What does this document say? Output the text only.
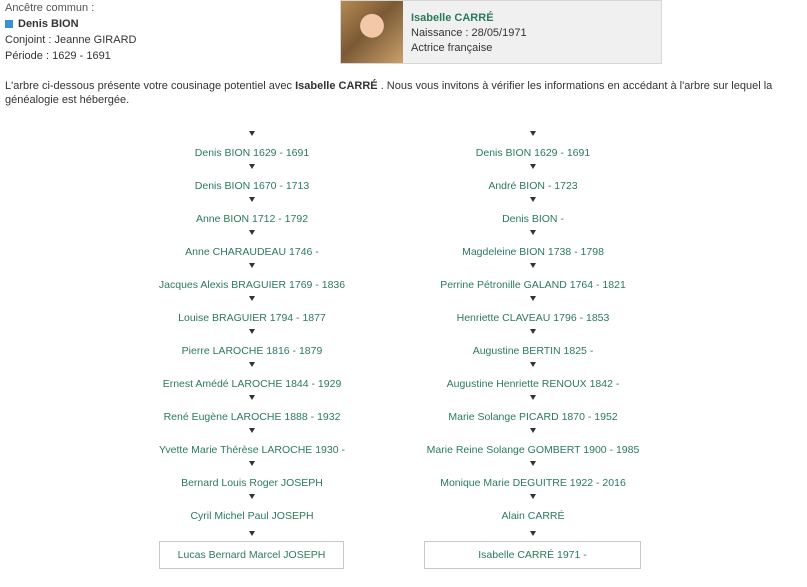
Ancêtre commun :
Denis BION
Conjoint : Jeanne GIRARD
Période : 1629 - 1691
Isabelle CARRÉ
Naissance : 28/05/1971
Actrice française
L'arbre ci-dessous présente votre cousinage potentiel avec Isabelle CARRÉ . Nous vous invitons à vérifier les informations en accédant à l'arbre sur lequel la généalogie est hébergée.
Denis BION 1629 - 1691
Denis BION 1670 - 1713
Anne BION 1712 - 1792
Anne CHARAUDEAU 1746 -
Jacques Alexis BRAGUIER 1769 - 1836
Louise BRAGUIER 1794 - 1877
Pierre LAROCHE 1816 - 1879
Ernest Amédé LAROCHE 1844 - 1929
René Eugène LAROCHE 1888 - 1932
Yvette Marie Thérèse LAROCHE 1930 -
Bernard Louis Roger JOSEPH
Cyril Michel Paul JOSEPH
Denis BION 1629 - 1691
André BION - 1723
Denis BION -
Magdeleine BION 1738 - 1798
Perrine Pétronille GALAND 1764 - 1821
Henriette CLAVEAU 1796 - 1853
Augustine BERTIN 1825 -
Augustine Henriette RENOUX 1842 -
Marie Solange PICARD 1870 - 1952
Marie Reine Solange GOMBERT 1900 - 1985
Monique Marie DEGUITRE 1922 - 2016
Alain CARRÉ
Lucas Bernard Marcel JOSEPH	Isabelle CARRÉ 1971 -
